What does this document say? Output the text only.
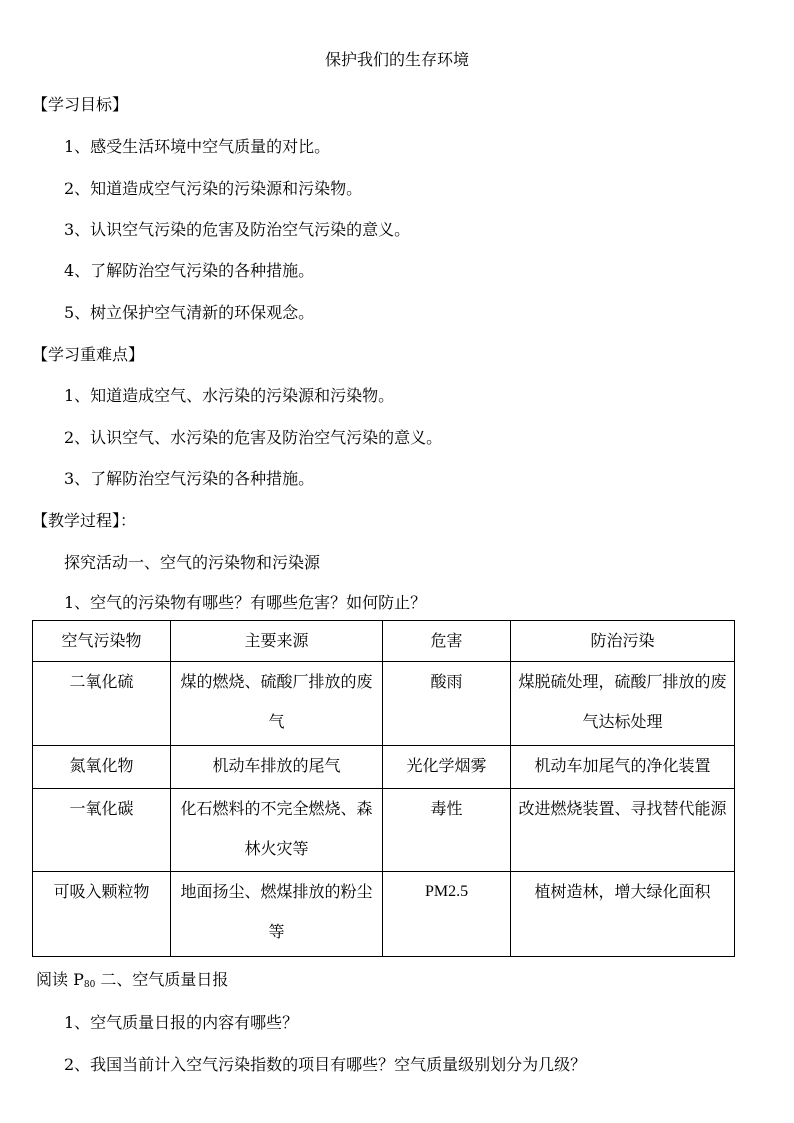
保护我们的生存环境
【学习目标】
1、感受生活环境中空气质量的对比。
2、知道造成空气污染的污染源和污染物。
3、认识空气污染的危害及防治空气污染的意义。
4、了解防治空气污染的各种措施。
5、树立保护空气清新的环保观念。
【学习重难点】
1、知道造成空气、水污染的污染源和污染物。
2、认识空气、水污染的危害及防治空气污染的意义。
3、了解防治空气污染的各种措施。
【教学过程】：
探究活动一、空气的污染物和污染源
1、空气的污染物有哪些？有哪些危害？如何防止？
空气污染物	主要来源	危害	防治污染
二氧化硫	煤的燃烧、硫酸厂排放的废气	酸雨	煤脱硫处理，硫酸厂排放的废气达标处理
氮氧化物	机动车排放的尾气	光化学烟雾	机动车加尾气的净化装置
一氧化碳	化石燃料的不完全燃烧、森林火灾等	毒性	改进燃烧装置、寻找替代能源
可吸入颗粒物	地面扬尘、燃煤排放的粉尘等	PM2.5	植树造林，增大绿化面积
阅读 $P_{80}$ 二、空气质量日报
1、空气质量日报的内容有哪些？
2、我国当前计入空气污染指数的项目有哪些？空气质量级别划分为几级？
